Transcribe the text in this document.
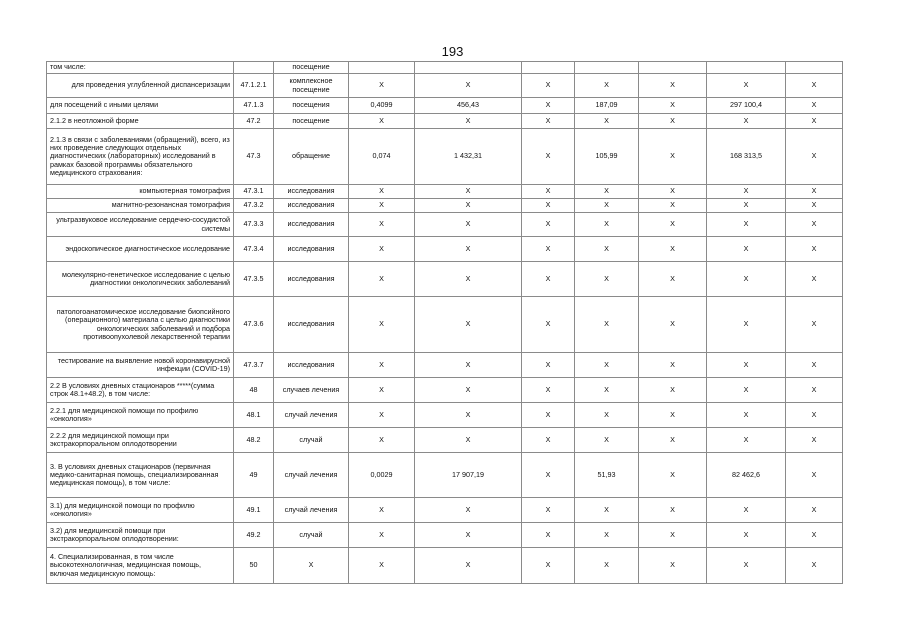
193
том числе:		посещение								
для проведения углубленной диспансеризации	47.1.2.1	комплексное посещение	X	X	X	X	X	X	X	
для посещений с иными целями	47.1.3	посещения	0,4099	456,43	X	187,09	X	297 100,4	X	
2.1.2 в неотложной форме	47.2	посещение	X	X	X	X	X	X	X	
2.1.3 в связи с заболеваниями (обращений), всего, из них проведение следующих отдельных диагностических (лабораторных) исследований в рамках базовой программы обязательного медицинского страхования:	47.3	обращение	0,074	1 432,31	X	105,99	X	168 313,5	X	
компьютерная томография	47.3.1	исследования	X	X	X	X	X	X	X	
магнитно-резонансная томография	47.3.2	исследования	X	X	X	X	X	X	X	
ультразвуковое исследование сердечно-сосудистой системы	47.3.3	исследования	X	X	X	X	X	X	X	
эндоскопическое диагностическое исследование	47.3.4	исследования	X	X	X	X	X	X	X	
молекулярно-генетическое исследование с целью диагностики онкологических заболеваний	47.3.5	исследования	X	X	X	X	X	X	X	
патологоанатомическое исследование биопсийного (операционного) материала с целью диагностики онкологических заболеваний и подбора противоопухолевой лекарственной терапии	47.3.6	исследования	X	X	X	X	X	X	X	
тестирование на выявление новой коронавирусной инфекции (COVID-19)	47.3.7	исследования	X	X	X	X	X	X	X	
2.2 В условиях дневных стационаров *****(сумма строк 48.1+48.2), в том числе:	48	случаев лечения	X	X	X	X	X	X	X	
2.2.1 для медицинской помощи по профилю «онкология»	48.1	случай лечения	X	X	X	X	X	X	X	
2.2.2 для медицинской помощи при экстракорпоральном оплодотворении	48.2	случай	X	X	X	X	X	X	X	
3. В условиях дневных стационаров (первичная медико-санитарная помощь, специализированная медицинская помощь), в том числе:	49	случай лечения	0,0029	17 907,19	X	51,93	X	82 462,6	X	
3.1) для медицинской помощи по профилю «онкология»	49.1	случай лечения	X	X	X	X	X	X	X	
3.2) для медицинской помощи при экстракорпоральном оплодотворении:	49.2	случай	X	X	X	X	X	X	X	
4. Специализированная, в том числе высокотехнологичная, медицинская помощь, включая медицинскую помощь:	50	X	X	X	X	X	X	X	X	
